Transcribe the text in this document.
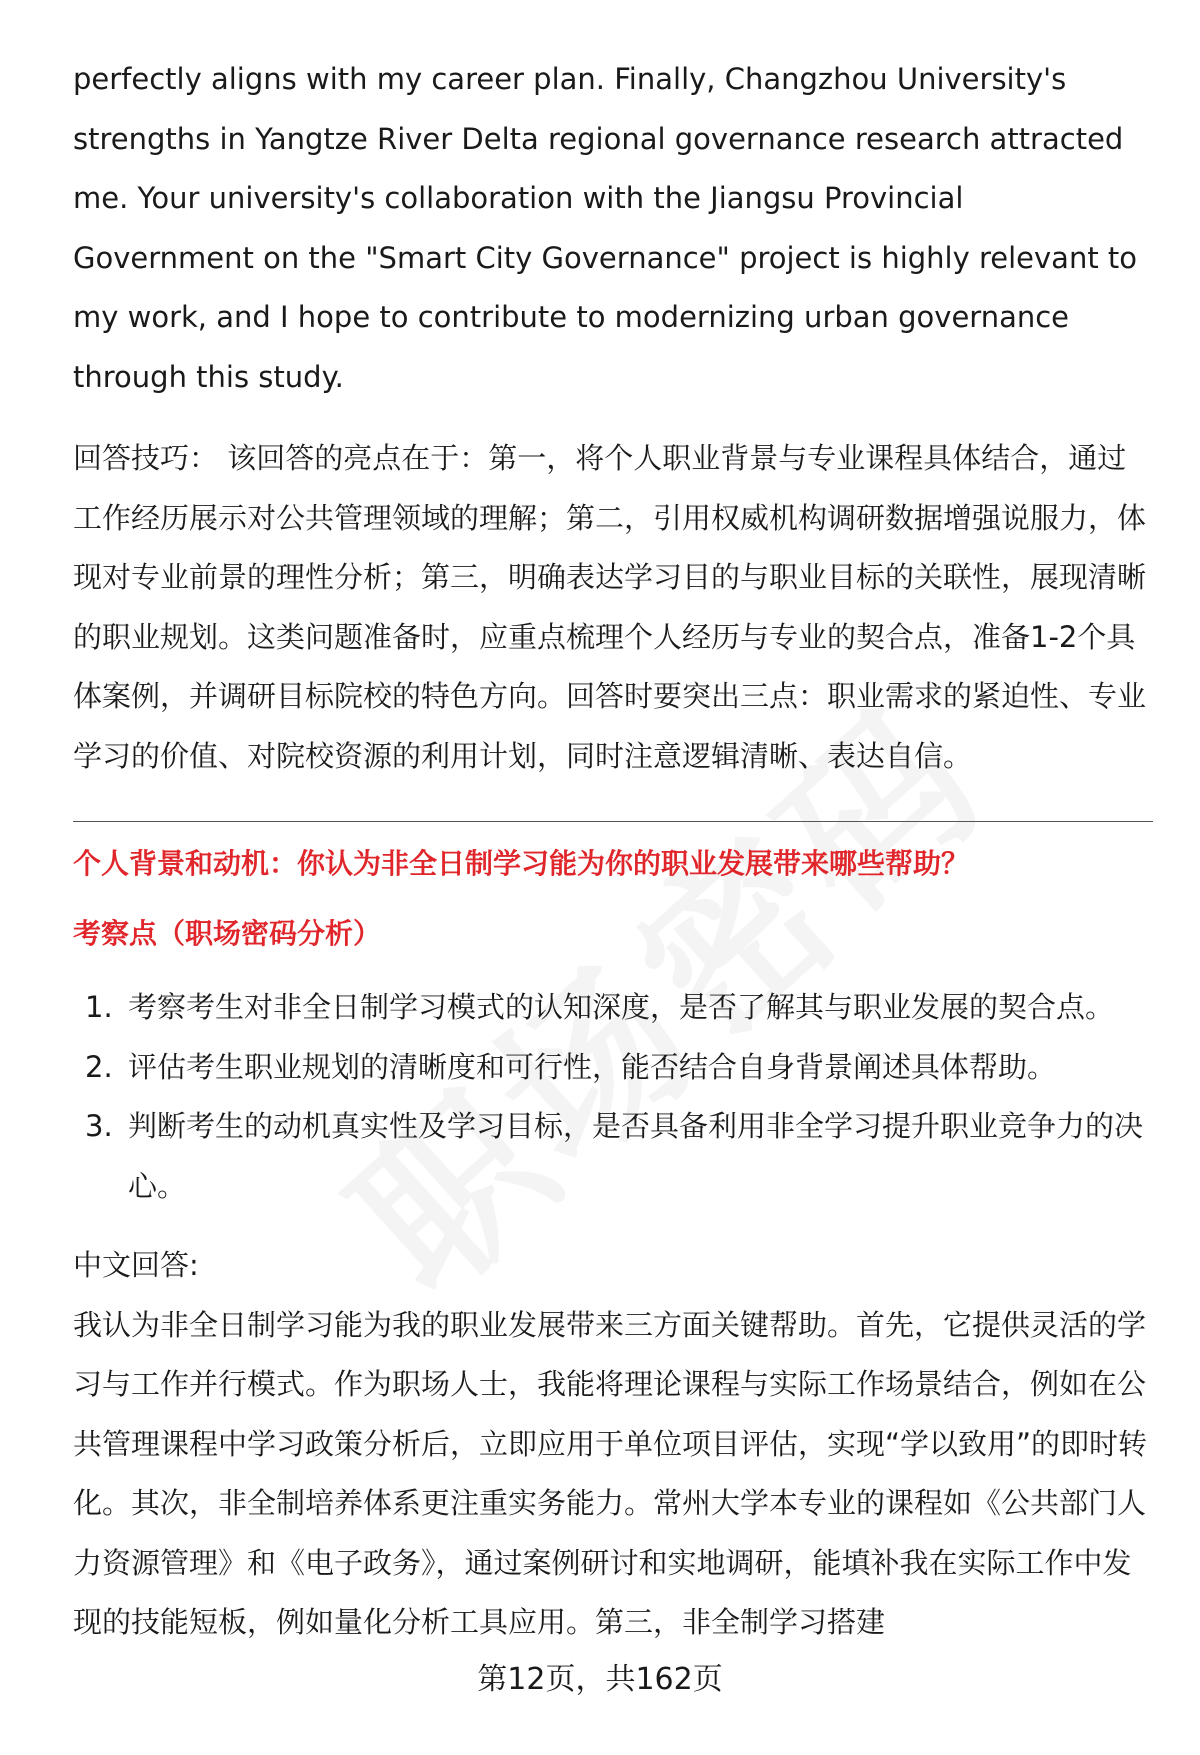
perfectly aligns with my career plan. Finally, Changzhou University's strengths in Yangtze River Delta regional governance research attracted me. Your university's collaboration with the Jiangsu Provincial Government on the "Smart City Governance" project is highly relevant to my work, and I hope to contribute to modernizing urban governance through this study.

回答技巧： 该回答的亮点在于：第一，将个人职业背景与专业课程具体结合，通过工作经历展示对公共管理领域的理解；第二，引用权威机构调研数据增强说服力，体现对专业前景的理性分析；第三，明确表达学习目的与职业目标的关联性，展现清晰的职业规划。这类问题准备时，应重点梳理个人经历与专业的契合点，准备1-2个具体案例，并调研目标院校的特色方向。回答时要突出三点：职业需求的紧迫性、专业学习的价值、对院校资源的利用计划，同时注意逻辑清晰、表达自信。

个人背景和动机：你认为非全日制学习能为你的职业发展带来哪些帮助？
考察点（职场密码分析）
1. 考察考生对非全日制学习模式的认知深度，是否了解其与职业发展的契合点。
2. 评估考生职业规划的清晰度和可行性，能否结合自身背景阐述具体帮助。
3. 判断考生的动机真实性及学习目标，是否具备利用非全学习提升职业竞争力的决心。

中文回答:

我认为非全日制学习能为我的职业发展带来三方面关键帮助。首先，它提供灵活的学习与工作并行模式。作为职场人士，我能将理论课程与实际工作场景结合，例如在公共管理课程中学习政策分析后，立即应用于单位项目评估，实现“学以致用”的即时转化。其次，非全制培养体系更注重实务能力。常州大学本专业的课程如《公共部门人力资源管理》和《电子政务》，通过案例研讨和实地调研，能填补我在实际工作中发现的技能短板，例如量化分析工具应用。第三，非全制学习搭建

第12页，共162页
